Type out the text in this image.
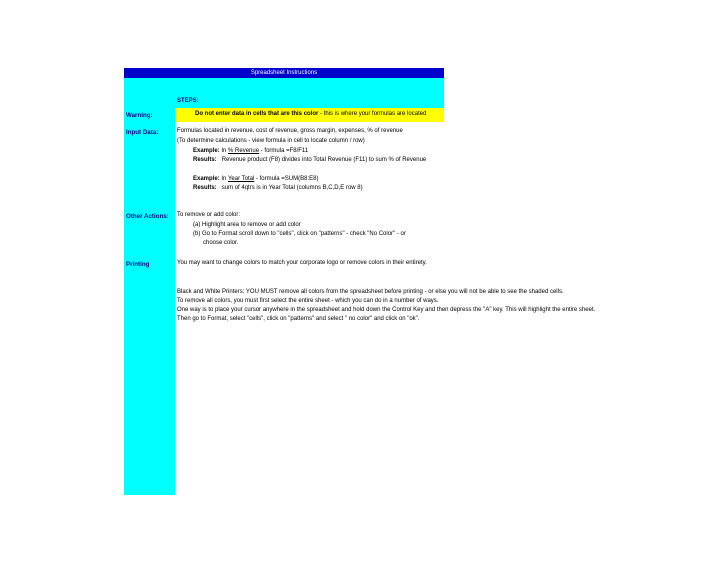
Spreadsheet Instructions
STEPS:
Warning:	Do not enter data in cells that are this color - this is where your formulas are located
Input Data:	Formulas located in revenue, cost of revenue, gross margin, expenses, % of revenue
(To determine calculations - view formula in cell to locate column / row)
Example: In % Revenue - formula =F8/F11
Results: Revenue product (F8) divides into Total Revenue (F11) to sum % of Revenue
Example: In Year Total - formula =SUM(B8:E8)
Results: sum of 4qtrs is in Year Total (columns B,C,D,E row 8)
Other Actions: To remove or add color:
(a) Highlight area to remove or add color
(b) Go to Format scroll down to "cells", click on "patterns" - check "No Color" - or
choose color.
Printing	You may want to change colors to match your corporate logo or remove colors in their entirety.
Black and White Printers: YOU MUST remove all colors from the spreadsheet before printing - or else you will not be able to see the shaded cells.
To remove all colors, you must first select the entire sheet - which you can do in a number of ways.
One way is to place your cursor anywhere in the spreadsheet and hold down the Control Key and then depress the "A" key. This will highlight the entire sheet.
Then go to Format, select "cells", click on "patterns" and select " no color" and click on "ok".
